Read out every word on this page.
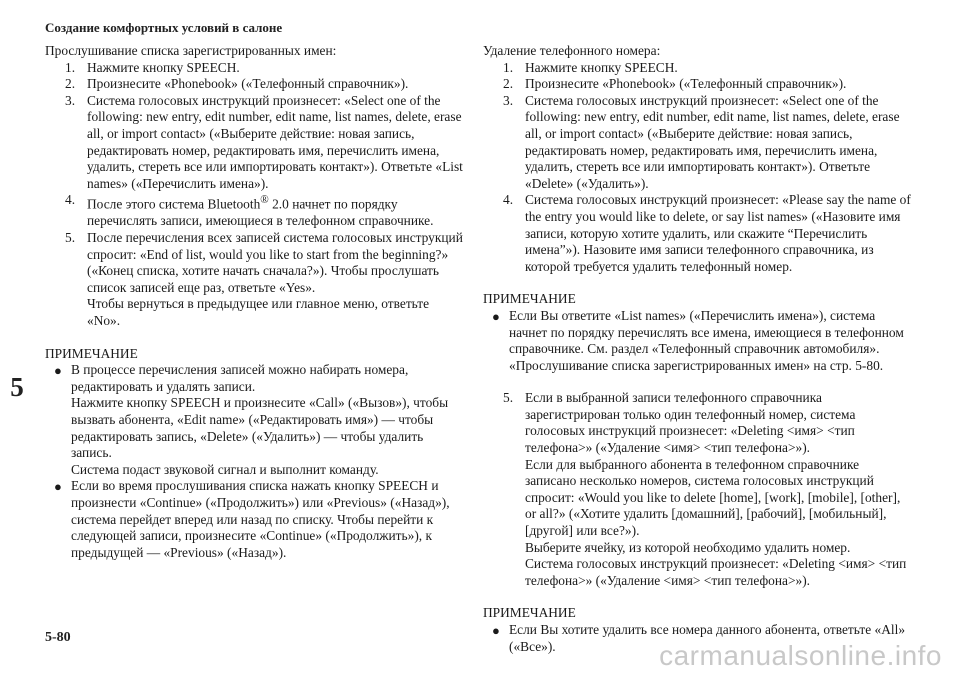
Создание комфортных условий в салоне
5
5-80
carmanualsonline.info

Прослушивание списка зарегистрированных имен:

1. Нажмите кнопку SPEECH.
2. Произнесите «Phonebook» («Телефонный справочник»).
3. Система голосовых инструкций произнесет: «Select one of the following: new entry, edit number, edit name, list names, delete, erase all, or import contact» («Выберите действие: новая запись, редактировать номер, редактировать имя, перечислить имена, удалить, стереть все или импортировать контакт»). Ответьте «List names» («Перечислить имена»).
4. После этого система Bluetooth® 2.0 начнет по порядку перечислять записи, имеющиеся в телефонном справочнике.
5. После перечисления всех записей система голосовых инструкций спросит: «End of list, would you like to start from the beginning?» («Конец списка, хотите начать сначала?»). Чтобы прослушать список записей еще раз, ответьте «Yes».
Чтобы вернуться в предыдущее или главное меню, ответьте «No».

ПРИМЕЧАНИЕ

● В процессе перечисления записей можно набирать номера, редактировать и удалять записи.
Нажмите кнопку SPEECH и произнесите «Call» («Вызов»), чтобы вызвать абонента, «Edit name» («Редактировать имя») — чтобы редактировать запись, «Delete» («Удалить») — чтобы удалить запись.
Система подаст звуковой сигнал и выполнит команду.
● Если во время прослушивания списка нажать кнопку SPEECH и произнести «Continue» («Продолжить») или «Previous» («Назад»), система перейдет вперед или назад по списку. Чтобы перейти к следующей записи, произнесите «Continue» («Продолжить»), к предыдущей — «Previous» («Назад»).

Удаление телефонного номера:

1. Нажмите кнопку SPEECH.
2. Произнесите «Phonebook» («Телефонный справочник»).
3. Система голосовых инструкций произнесет: «Select one of the following: new entry, edit number, edit name, list names, delete, erase all, or import contact» («Выберите действие: новая запись, редактировать номер, редактировать имя, перечислить имена, удалить, стереть все или импортировать контакт»). Ответьте «Delete» («Удалить»).
4. Система голосовых инструкций произнесет: «Please say the name of the entry you would like to delete, or say list names» («Назовите имя записи, которую хотите удалить, или скажите “Перечислить имена”»). Назовите имя записи телефонного справочника, из которой требуется удалить телефонный номер.

ПРИМЕЧАНИЕ

● Если Вы ответите «List names» («Перечислить имена»), система начнет по порядку перечислять все имена, имеющиеся в телефонном справочнике. См. раздел «Телефонный справочник автомобиля». «Прослушивание списка зарегистрированных имен» на стр. 5-80.
5. Если в выбранной записи телефонного справочника зарегистрирован только один телефонный номер, система голосовых инструкций произнесет: «Deleting <имя> <тип телефона>» («Удаление <имя> <тип телефона>»).
Если для выбранного абонента в телефонном справочнике записано несколько номеров, система голосовых инструкций спросит: «Would you like to delete [home], [work], [mobile], [other], or all?» («Хотите удалить [домашний], [рабочий], [мобильный], [другой] или все?»).
Выберите ячейку, из которой необходимо удалить номер.
Система голосовых инструкций произнесет: «Deleting <имя> <тип телефона>» («Удаление <имя> <тип телефона>»).

ПРИМЕЧАНИЕ

● Если Вы хотите удалить все номера данного абонента, ответьте «All» («Все»).
